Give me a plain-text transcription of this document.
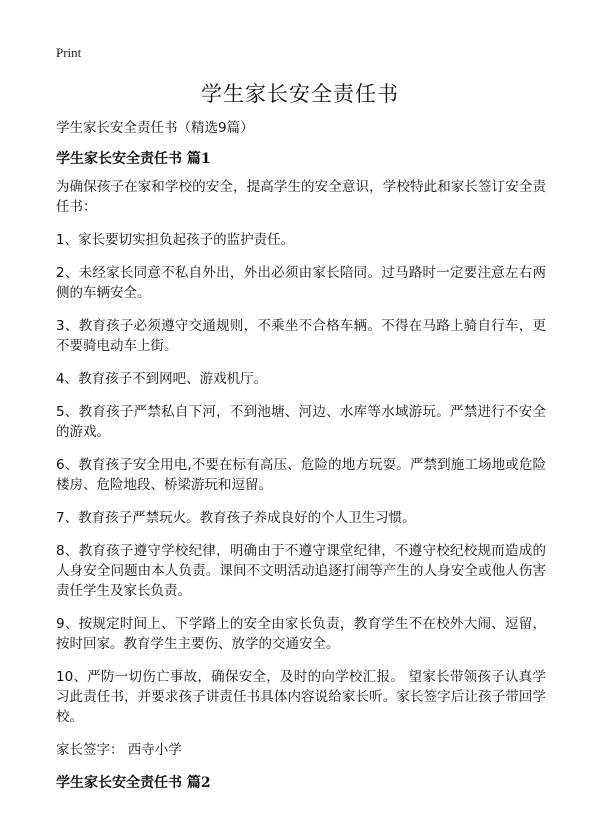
Print
学生家长安全责任书
学生家长安全责任书（精选9篇）
学生家长安全责任书 篇1
为确保孩子在家和学校的安全，提高学生的安全意识，学校特此和家长签订安全责任书：
1、家长要切实担负起孩子的监护责任。
2、未经家长同意不私自外出，外出必须由家长陪同。过马路时一定要注意左右两侧的车辆安全。
3、教育孩子必须遵守交通规则，不乘坐不合格车辆。不得在马路上骑自行车，更不要骑电动车上街。
4、教育孩子不到网吧、游戏机厅。
5、教育孩子严禁私自下河，不到池塘、河边、水库等水域游玩。严禁进行不安全的游戏。
6、教育孩子安全用电,不要在标有高压、危险的地方玩耍。严禁到施工场地或危险楼房、危险地段、桥梁游玩和逗留。
7、教育孩子严禁玩火。教育孩子养成良好的个人卫生习惯。
8、教育孩子遵守学校纪律，明确由于不遵守课堂纪律，不遵守校纪校规而造成的人身安全问题由本人负责。课间不文明活动追逐打闹等产生的人身安全或他人伤害责任学生及家长负责。
9、按规定时间上、下学路上的安全由家长负责，教育学生不在校外大闹、逗留，按时回家。教育学生主要伤、放学的交通安全。
10、严防一切伤亡事故，确保安全，及时的向学校汇报。 望家长带领孩子认真学习此责任书，并要求孩子讲责任书具体内容说给家长听。家长签字后让孩子带回学校。
家长签字： 西寺小学
学生家长安全责任书 篇2
